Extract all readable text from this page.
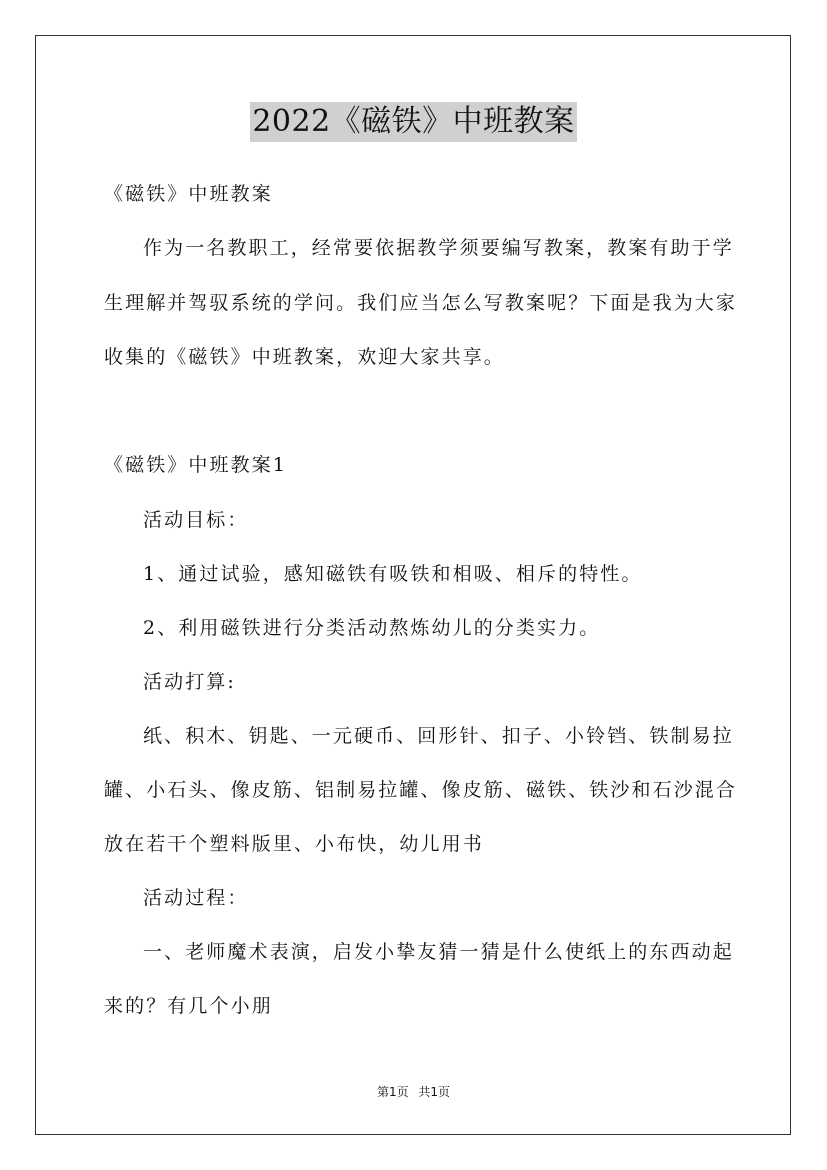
2022《磁铁》中班教案
《磁铁》中班教案
作为一名教职工，经常要依据教学须要编写教案，教案有助于学
生理解并驾驭系统的学问。我们应当怎么写教案呢？下面是我为大家
收集的《磁铁》中班教案，欢迎大家共享。
《磁铁》中班教案1
活动目标：
1、通过试验，感知磁铁有吸铁和相吸、相斥的特性。
2、利用磁铁进行分类活动熬炼幼儿的分类实力。
活动打算:
纸、积木、钥匙、一元硬币、回形针、扣子、小铃铛、铁制易拉
罐、小石头、像皮筋、铝制易拉罐、像皮筋、磁铁、铁沙和石沙混合
放在若干个塑料版里、小布快，幼儿用书
活动过程：
一、老师魔术表演，启发小挚友猜一猜是什么使纸上的东西动起
来的？有几个小朋
第1页 共1页
